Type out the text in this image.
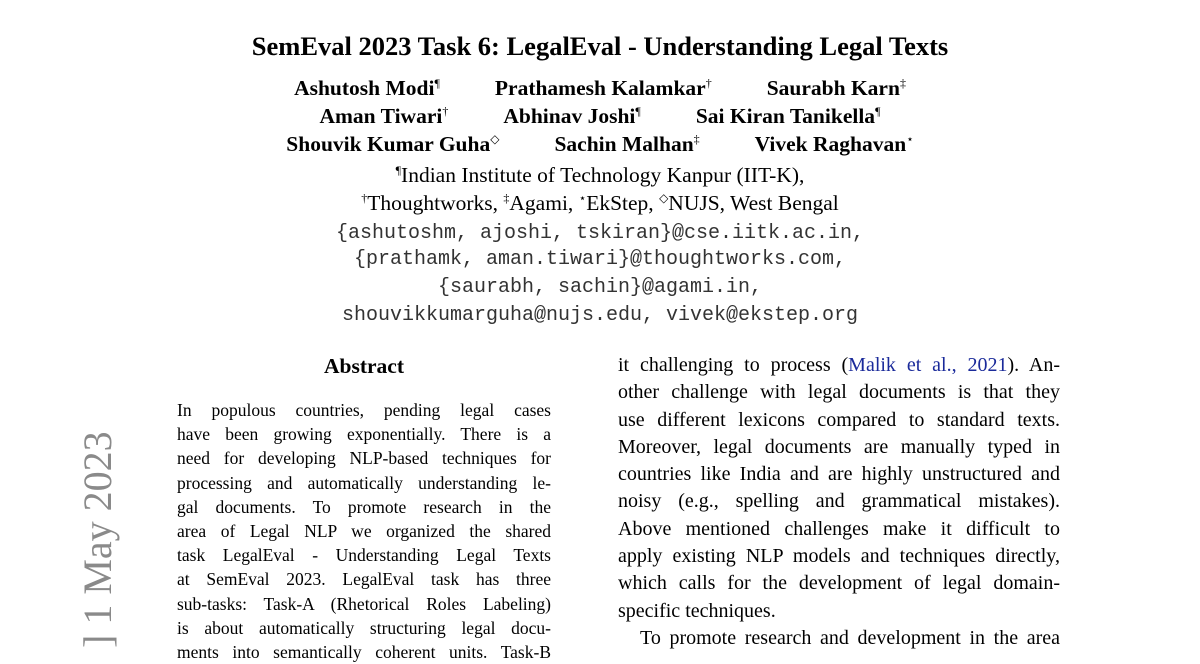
SemEval 2023 Task 6: LegalEval - Understanding Legal Texts
Ashutosh Modi¶	Prathamesh Kalamkar†	Saurabh Karn‡
Aman Tiwari†	Abhinav Joshi¶	Sai Kiran Tanikella¶
Shouvik Kumar Guha◇	Sachin Malhan‡	Vivek Raghavan⋆
¶Indian Institute of Technology Kanpur (IIT-K),
†Thoughtworks, ‡Agami, ⋆EkStep, ◇NUJS, West Bengal
{ashutoshm, ajoshi, tskiran}@cse.iitk.ac.in,
{prathamk, aman.tiwari}@thoughtworks.com,
{saurabh, sachin}@agami.in,
shouvikkumarguha@nujs.edu, vivek@ekstep.org
] 1 May 2023
Abstract
In populous countries, pending legal cases
have been growing exponentially. There is a
need for developing NLP-based techniques for
processing and automatically understanding le-
gal documents. To promote research in the
area of Legal NLP we organized the shared
task LegalEval - Understanding Legal Texts
at SemEval 2023. LegalEval task has three
sub-tasks: Task-A (Rhetorical Roles Labeling)
is about automatically structuring legal docu-
ments into semantically coherent units. Task-B
it challenging to process (Malik et al., 2021). An-
other challenge with legal documents is that they
use different lexicons compared to standard texts.
Moreover, legal documents are manually typed in
countries like India and are highly unstructured and
noisy (e.g., spelling and grammatical mistakes).
Above mentioned challenges make it difficult to
apply existing NLP models and techniques directly,
which calls for the development of legal domain-
specific techniques.
To promote research and development in the area
